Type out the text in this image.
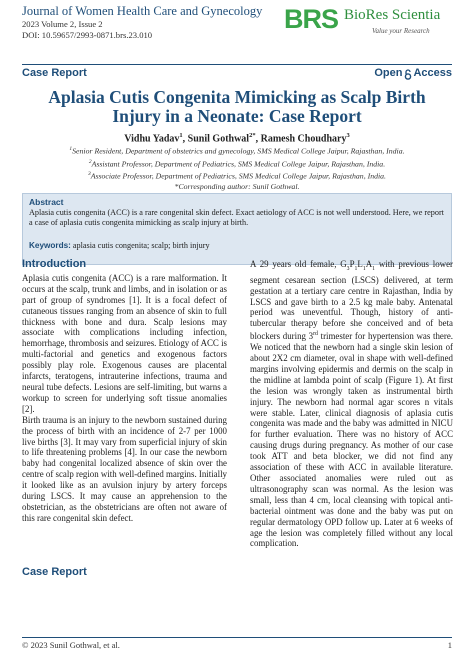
Journal of Women Health Care and Gynecology
2023 Volume 2, Issue 2
DOI: 10.59657/2993-0871.brs.23.010
BRS BioRes Scientia
Value your Research
Case Report	Open Access
Aplasia Cutis Congenita Mimicking as Scalp Birth Injury in a Neonate: Case Report
Vidhu Yadav$^1$, Sunil Gothwal$^{2*}$, Ramesh Choudhary$^3$
$^1$Senior Resident, Department of obstetrics and gynecology, SMS Medical College Jaipur, Rajasthan, India.
$^2$Assistant Professor, Department of Pediatrics, SMS Medical College Jaipur, Rajasthan, India.
$^3$Associate Professor, Department of Pediatrics, SMS Medical College Jaipur, Rajasthan, India.
*Corresponding author: Sunil Gothwal.
Abstract
Aplasia cutis congenita (ACC) is a rare congenital skin defect. Exact aetiology of ACC is not well understood. Here, we report a case of aplasia cutis congenita mimicking as scalp injury at birth.
Keywords: aplasia cutis congenita; scalp; birth injury
Introduction

Aplasia cutis congenita (ACC) is a rare malformation. It occurs at the scalp, trunk and limbs, and in isolation or as part of group of syndromes [1]. It is a focal defect of cutaneous tissues ranging from an absence of skin to full thickness with bone and dura. Scalp lesions may associate with complications including infection, hemorrhage, thrombosis and seizures. Etiology of ACC is multi-factorial and genetics and exogenous factors possibly play role. Exogenous causes are placental infarcts, teratogens, intrauterine infections, trauma and neural tube defects. Lesions are self-limiting, but warns a workup to screen for underlying soft tissue anomalies [2].

Birth trauma is an injury to the newborn sustained during the process of birth with an incidence of 2-7 per 1000 live births [3]. It may vary from superficial injury of skin to life threatening problems [4]. In our case the newborn baby had congenital localized absence of skin over the centre of scalp region with well-defined margins. Initially it looked like as an avulsion injury by artery forceps during LSCS. It may cause an apprehension to the obstetrician, as the obstetricians are often not aware of this rare congenital skin defect.

A 29 years old female, $G_3P_1L_1A_1$ with previous lower segment cesarean section (LSCS) delivered, at term gestation at a tertiary care centre in Rajasthan, India by LSCS and gave birth to a 2.5 kg male baby. Antenatal period was uneventful. Though, history of anti-tubercular therapy before she conceived and of beta blockers during 3rd trimester for hypertension was there. We noticed that the newborn had a single skin lesion of about 2X2 cm diameter, oval in shape with well-defined margins involving epidermis and dermis on the scalp in the midline at lambda point of scalp (Figure 1). At first the lesion was wrongly taken as instrumental birth injury. The newborn had normal agar scores n vitals were stable. Later, clinical diagnosis of aplasia cutis congenita was made and the baby was admitted in NICU for further evaluation. There was no history of ACC causing drugs during pregnancy. As mother of our case took ATT and beta blocker, we did not find any association of these with ACC in available literature. Other associated anomalies were ruled out as ultrasonography scan was normal. As the lesion was small, less than 4 cm, local cleansing with topical anti-bacterial ointment was done and the baby was put on regular dermatology OPD follow up. Later at 6 weeks of age the lesion was completely filled without any local complication.

Case Report
© 2023 Sunil Gothwal, et al.	1
